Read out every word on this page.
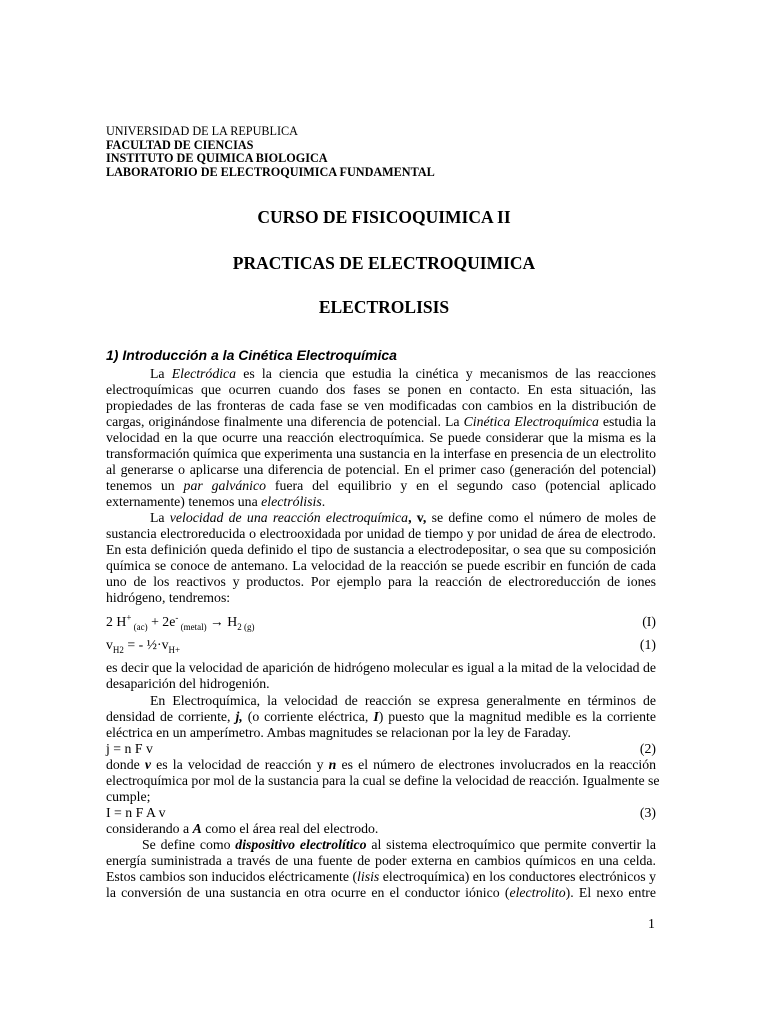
UNIVERSIDAD DE LA REPUBLICA
FACULTAD DE CIENCIAS
INSTITUTO DE QUIMICA BIOLOGICA
LABORATORIO DE ELECTROQUIMICA FUNDAMENTAL
CURSO DE FISICOQUIMICA II
PRACTICAS DE ELECTROQUIMICA
ELECTROLISIS
1) Introducción a la Cinética Electroquímica
La Electródica es la ciencia que estudia la cinética y mecanismos de las reacciones
electroquímicas que ocurren cuando dos fases se ponen en contacto. En esta situación, las
propiedades de las fronteras de cada fase se ven modificadas con cambios en la distribución de
cargas, originándose finalmente una diferencia de potencial. La Cinética Electroquímica estudia la
velocidad en la que ocurre una reacción electroquímica. Se puede considerar que la misma es la
transformación química que experimenta una sustancia en la interfase en presencia de un electrolito
al generarse o aplicarse una diferencia de potencial. En el primer caso (generación del potencial)
tenemos un par galvánico fuera del equilibrio y en el segundo caso (potencial aplicado
externamente) tenemos una electrólisis.
La velocidad de una reacción electroquímica, v, se define como el número de moles de
sustancia electroreducida o electrooxidada por unidad de tiempo y por unidad de área de electrodo.
En esta definición queda definido el tipo de sustancia a electrodepositar, o sea que su composición
química se conoce de antemano. La velocidad de la reacción se puede escribir en función de cada
uno de los reactivos y productos. Por ejemplo para la reacción de electroreducción de iones
hidrógeno, tendremos:
2 H+ $_{(ac)}$ + 2e- $_{(metal)} \to H_2$ $_{(g)}$	(I)
$v_{H2}$ = - $\frac{1}{2}\cdot v_{H+}$	(1)
es decir que la velocidad de aparición de hidrógeno molecular es igual a la mitad de la velocidad de
desaparición del hidrogenión.
En Electroquímica, la velocidad de reacción se expresa generalmente en términos de
densidad de corriente, j, (o corriente eléctrica, I) puesto que la magnitud medible es la corriente
eléctrica en un amperímetro. Ambas magnitudes se relacionan por la ley de Faraday.
j = n F v	(2)
donde v es la velocidad de reacción y n es el número de electrones involucrados en la reacción
electroquímica por mol de la sustancia para la cual se define la velocidad de reacción. Igualmente se
cumple;
I = n F A v	(3)
considerando a A como el área real del electrodo.
Se define como dispositivo electrolítico al sistema electroquímico que permite convertir la
energía suministrada a través de una fuente de poder externa en cambios químicos en una celda.
Estos cambios son inducidos eléctricamente (lisis electroquímica) en los conductores electrónicos y
la conversión de una sustancia en otra ocurre en el conductor iónico (electrolito). El nexo entre
1
